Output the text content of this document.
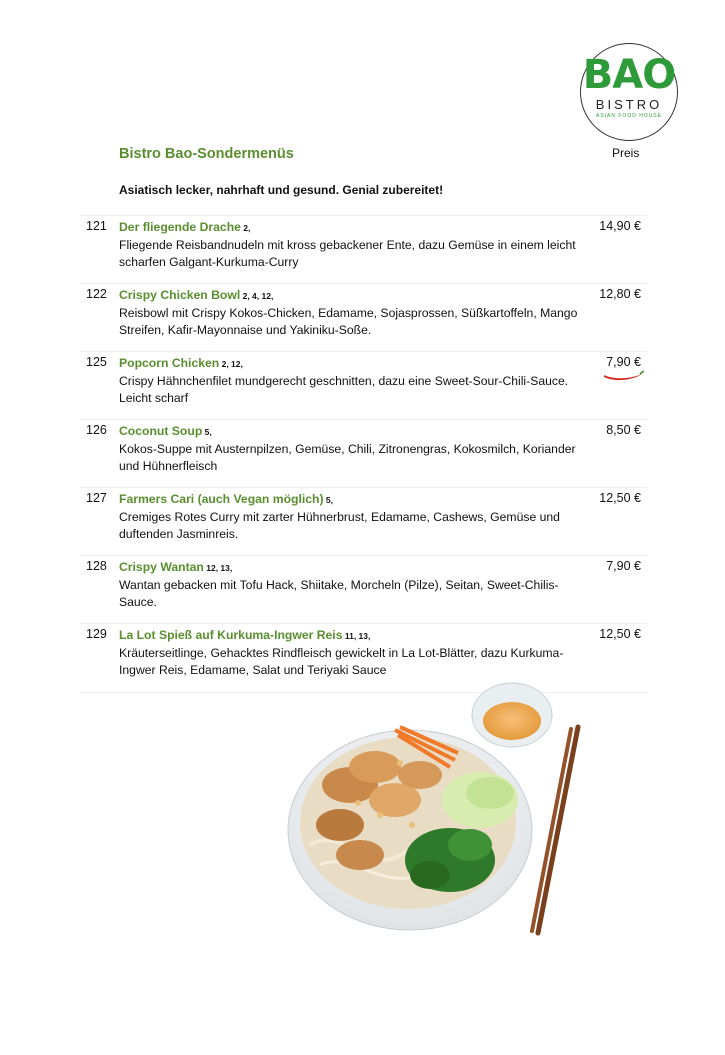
BAO
BISTRO
ASIAN FOOD HOUSE
Bistro Bao-Sondermenüs	Preis
Asiatisch lecker, nahrhaft und gesund. Genial zubereitet!
121 Der fliegende Drache 2,
Fliegende Reisbandnudeln mit kross gebackener Ente, dazu Gemüse in einem leicht scharfen Galgant-Kurkuma-Curry
14,90 €
122 Crispy Chicken Bowl 2, 4, 12,
Reisbowl mit Crispy Kokos-Chicken, Edamame, Sojasprossen, Süßkartoffeln, Mango Streifen, Kafir-Mayonnaise und Yakiniku-Soße.
12,80 €
125 Popcorn Chicken 2, 12,
Crispy Hähnchenfilet mundgerecht geschnitten, dazu eine Sweet-Sour-Chili-Sauce. Leicht scharf
7,90 €
126 Coconut Soup 5,
Kokos-Suppe mit Austernpilzen, Gemüse, Chili, Zitronengras, Kokosmilch, Koriander und Hühnerfleisch
8,50 €
127 Farmers Cari (auch Vegan möglich) 5,
Cremiges Rotes Curry mit zarter Hühnerbrust, Edamame, Cashews, Gemüse und duftenden Jasminreis.
12,50 €
128 Crispy Wantan 12, 13,
Wantan gebacken mit Tofu Hack, Shiitake, Morcheln (Pilze), Seitan, Sweet-Chilis-Sauce.
7,90 €
129 La Lot Spieß auf Kurkuma-Ingwer Reis 11, 13,
Kräuterseitlinge, Gehacktes Rindfleisch gewickelt in La Lot-Blätter, dazu Kurkuma-Ingwer Reis, Edamame, Salat und Teriyaki Sauce
12,50 €
